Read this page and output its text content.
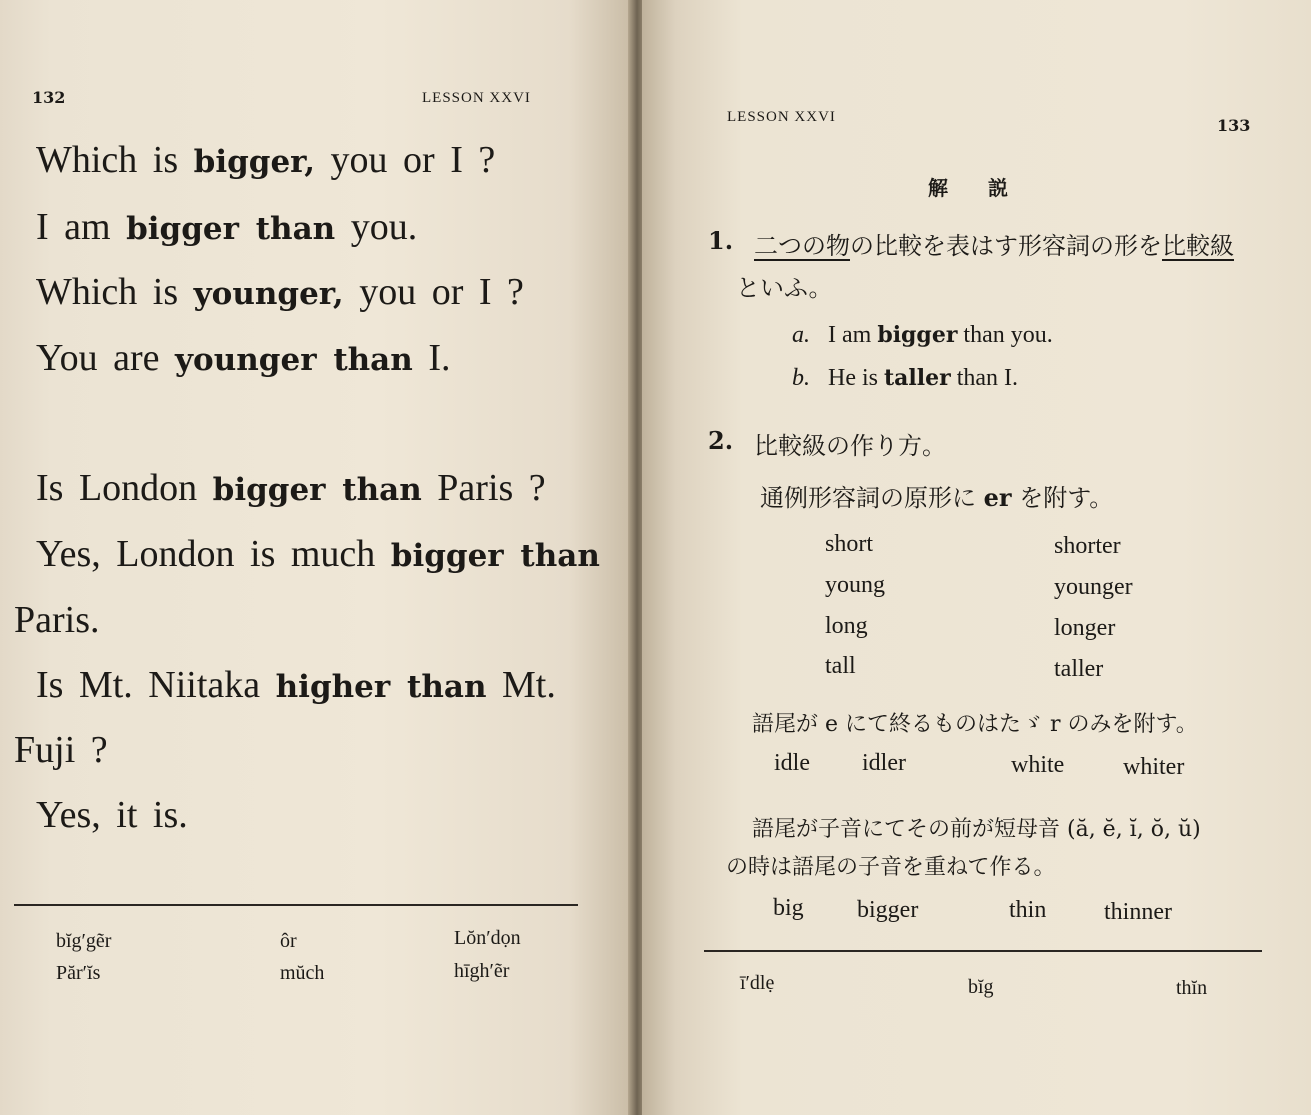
132	LESSON XXVI
Which is bigger, you or I ?
I am bigger than you.
Which is younger, you or I ?
You are younger than I.
Is London bigger than Paris ?
Yes, London is much bigger than
Paris.
Is Mt. Niitaka higher than Mt.
Fuji ?
Yes, it is.
bĭg′gẽr	ôr	Lŏn′dọn
Păr′ĭs	mŭch	hīgh′ẽr
LESSON XXVI	133
解　　説
1. 二つの物の比較を表はす形容詞の形を比較級
といふ。
a. I am bigger than you.
b. He is taller than I.
2. 比較級の作り方。
通例形容詞の原形に er を附す。
short	shorter
young	younger
long	longer
tall	taller
語尾が e にて終るものはたゞ r のみを附す。
idle idler	white whiter
語尾が子音にてその前が短母音 (ă, ĕ, ĭ, ŏ, ŭ)
の時は語尾の子音を重ねて作る。
big bigger	thin thinner
ī′dlẹ	bĭg	thĭn
